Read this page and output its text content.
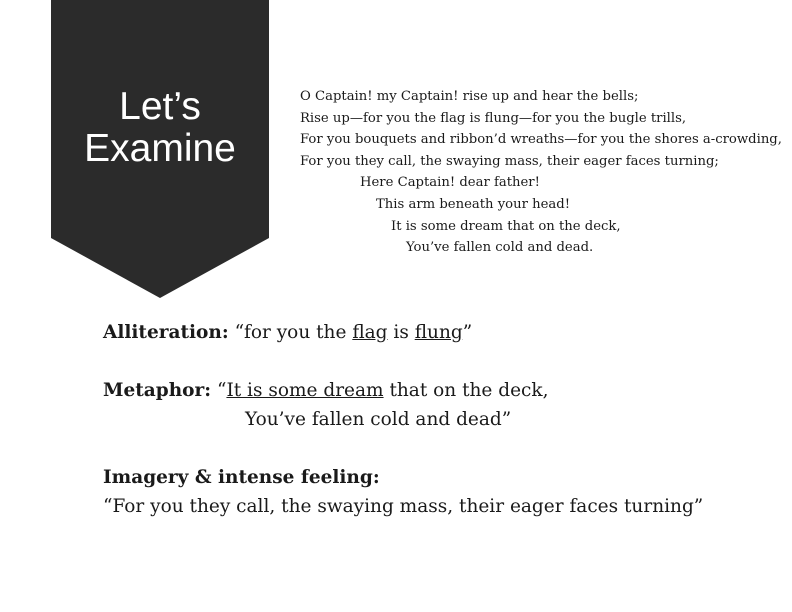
Let’s
Examine
O Captain! my Captain! rise up and hear the bells;
Rise up—for you the flag is flung—for you the bugle trills,
For you bouquets and ribbon’d wreaths—for you the shores a-crowding,
For you they call, the swaying mass, their eager faces turning;
Here Captain! dear father!
This arm beneath your head!
It is some dream that on the deck,
You’ve fallen cold and dead.
Alliteration: “for you the flag is flung”
Metaphor: “It is some dream that on the deck,
You’ve fallen cold and dead”
Imagery & intense feeling:
“For you they call, the swaying mass, their eager faces turning”
